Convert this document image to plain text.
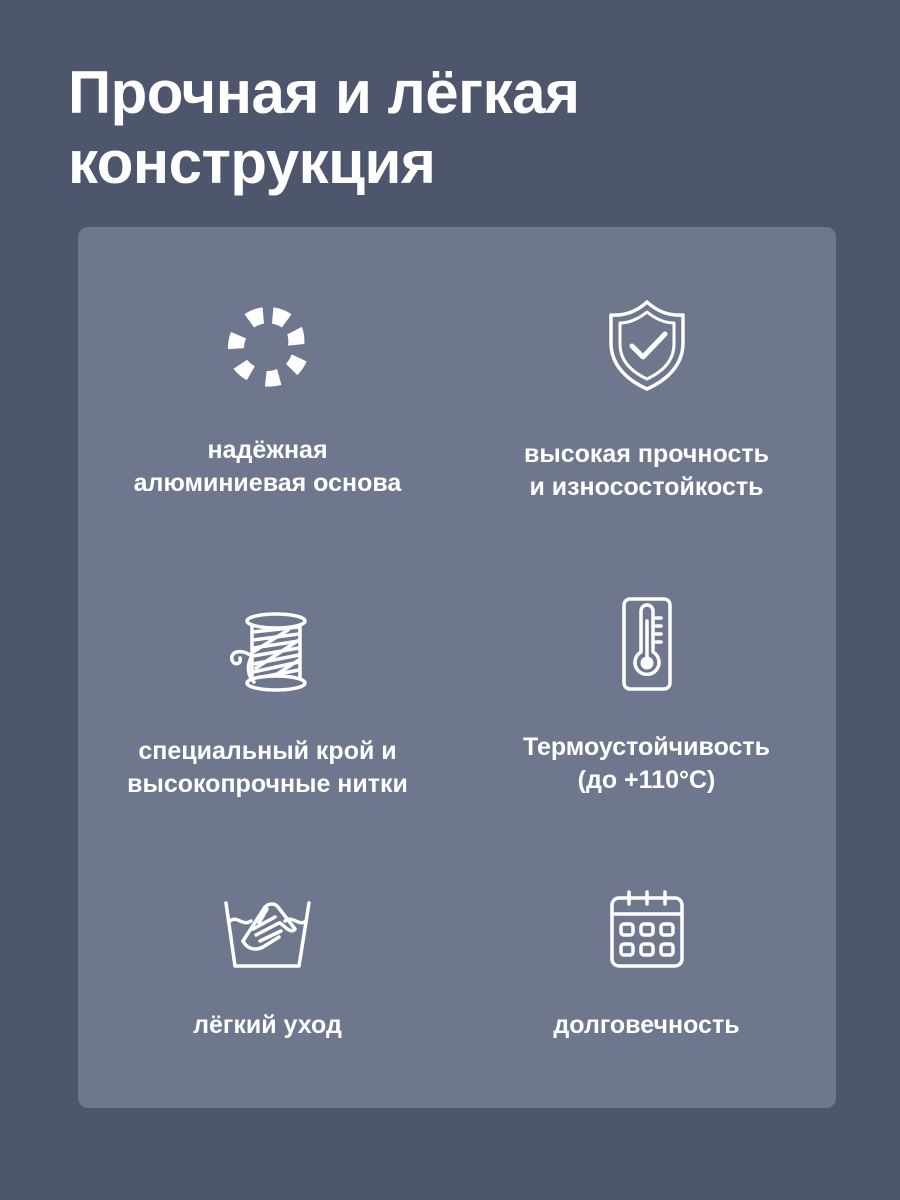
Прочная и лёгкая
конструкция
надёжная
алюминиевая основа
высокая прочность
и износостойкость
специальный крой и
высокопрочные нитки
Термоустойчивость
(до +110°C)
лёгкий уход	долговечность
